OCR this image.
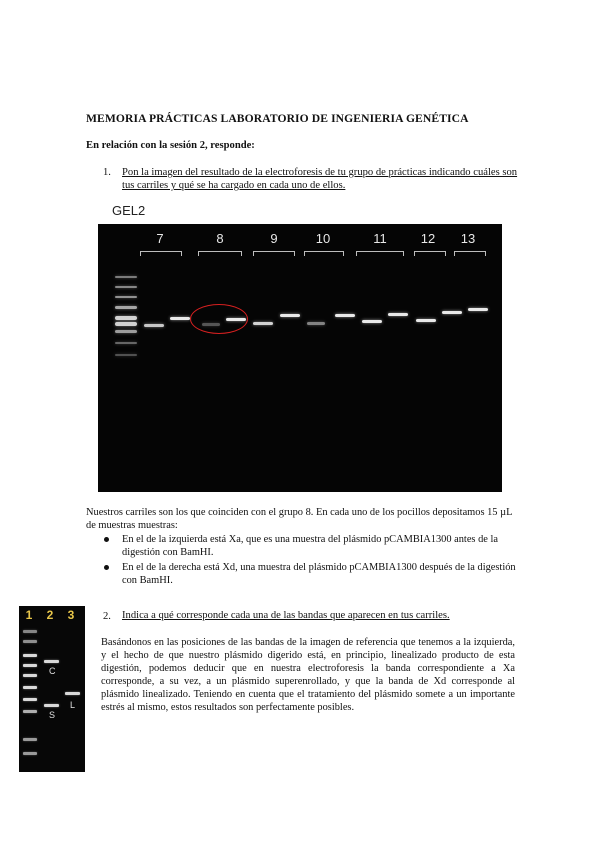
MEMORIA PRÁCTICAS LABORATORIO DE INGENIERIA GENÉTICA
En relación con la sesión 2, responde:
1. Pon la imagen del resultado de la electroforesis de tu grupo de prácticas indicando cuáles son tus carriles y qué se ha cargado en cada uno de ellos.
GEL2
7	8	9	10	11	12 13
Nuestros carriles son los que coinciden con el grupo 8. En cada uno de los pocillos depositamos 15 µL de muestras muestras:
En el de la izquierda está Xa, que es una muestra del plásmido pCAMBIA1300 antes de la digestión con BamHI.
En el de la derecha está Xd, una muestra del plásmido pCAMBIA1300 después de la digestión con BamHI.
1 2 3
C
S
L
2. Indica a qué corresponde cada una de las bandas que aparecen en tus carriles.
Basándonos en las posiciones de las bandas de la imagen de referencia que tenemos a la izquierda, y el hecho de que nuestro plásmido digerido está, en principio, linealizado producto de esta digestión, podemos deducir que en nuestra electroforesis la banda correspondiente a Xa corresponde, a su vez, a un plásmido superenrollado, y que la banda de Xd corresponde al plásmido linealizado. Teniendo en cuenta que el tratamiento del plásmido somete a un importante estrés al mismo, estos resultados son perfectamente posibles.
